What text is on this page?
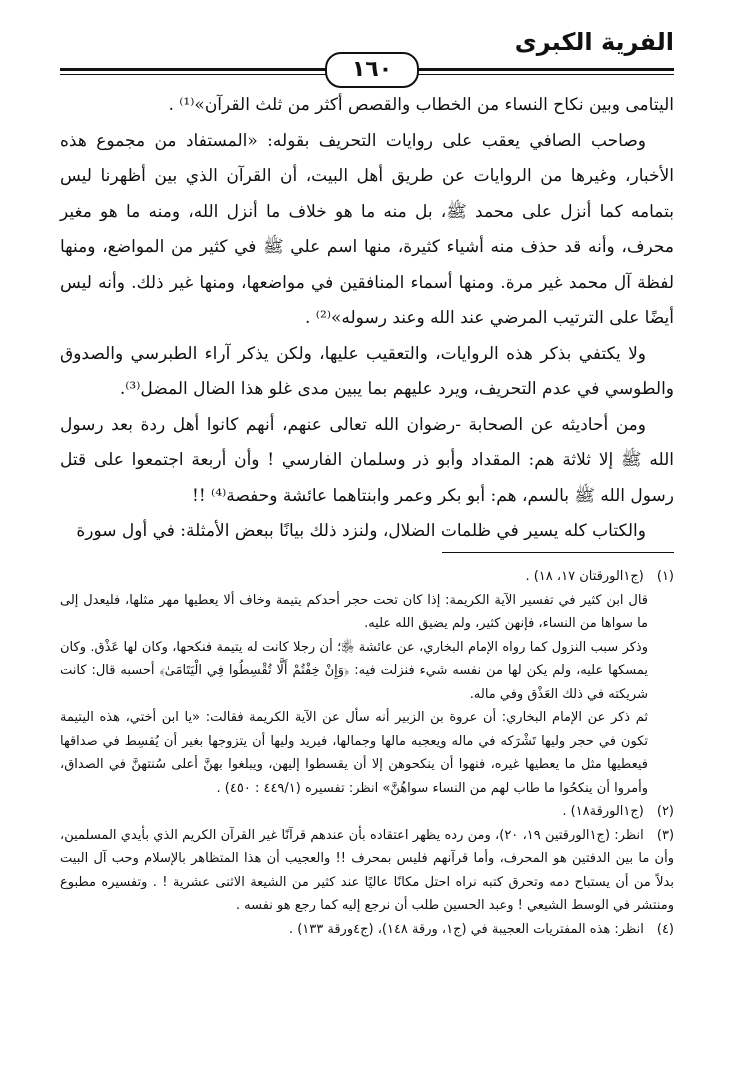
الفرية الكبرى
١٦٠

اليتامى وبين نكاح النساء من الخطاب والقصص أكثر من ثلث القرآن»⁽¹⁾ .

وصاحب الصافي يعقب على روايات التحريف بقوله: «المستفاد من مجموع هذه الأخبار، وغيرها من الروايات عن طريق أهل البيت، أن القرآن الذي بين أظهرنا ليس بتمامه كما أنزل على محمد ﷺ، بل منه ما هو خلاف ما أنزل الله، ومنه ما هو مغير محرف، وأنه قد حذف منه أشياء كثيرة، منها اسم علي ﷺ في كثير من المواضع، ومنها لفظة آل محمد غير مرة. ومنها أسماء المنافقين في مواضعها، ومنها غير ذلك. وأنه ليس أيضًا على الترتيب المرضي عند الله وعند رسوله»⁽²⁾ .

ولا يكتفي بذكر هذه الروايات، والتعقيب عليها، ولكن يذكر آراء الطبرسي والصدوق والطوسي في عدم التحريف، ويرد عليهم بما يبين مدى غلو هذا الضال المضل⁽³⁾.

ومن أحاديثه عن الصحابة -رضوان الله تعالى عنهم، أنهم كانوا أهل ردة بعد رسول الله ﷺ إلا ثلاثة هم: المقداد وأبو ذر وسلمان الفارسي ! وأن أربعة اجتمعوا على قتل رسول الله ﷺ بالسم، هم: أبو بكر وعمر وابنتاهما عائشة وحفصة⁽⁴⁾ !!

والكتاب كله يسير في ظلمات الضلال، ولنزد ذلك بيانًا ببعض الأمثلة: في أول سورة

(١) (ج١الورقتان ١٧، ١٨) .

قال ابن كثير في تفسير الآية الكريمة: إذا كان تحت حجر أحدكم يتيمة وخاف ألا يعطيها مهر مثلها، فليعدل إلى ما سواها من النساء، فإنهن كثير، ولم يضيق الله عليه.

وذكر سبب النزول كما رواه الإمام البخاري، عن عائشة ﵂؛ أن رجلا كانت له يتيمة فنكحها، وكان لها عَذْق. وكان يمسكها عليه، ولم يكن لها من نفسه شيء فنزلت فيه: ﴿وَإِنْ خِفْتُمْ أَلَّا تُقْسِطُوا فِي الْيَتَامَىٰ﴾ أحسبه قال: كانت شريكته في ذلك العَذْق وفي ماله.

ثم ذكر عن الإمام البخاري: أن عروة بن الزبير أنه سأل عن الآية الكريمة فقالت: «يا ابن أختي، هذه اليتيمة تكون في حجر وليها تَشْرَكه في ماله ويعجبه مالها وجمالها، فيريد وليها أن يتزوجها بغير أن يُقسِط في صداقها فيعطيها مثل ما يعطيها غيره، فنهوا أن ينكحوهن إلا أن يقسطوا إليهن، ويبلغوا بهنَّ أعلى سُنتهنَّ في الصداق، وأمروا أن ينكحُوا ما طاب لهم من النساء سواهُنَّ» انظر: تفسيره (٤٤٩/١ : ٤٥٠) .

(٢) (ج١الورقة١٨) .

(٣) انظر: (ج١الورقتين ١٩، ٢٠)، ومن رده يظهر اعتقاده بأن عندهم قرآنًا غير القرآن الكريم الذي بأيدي المسلمين، وأن ما بين الدفتين هو المحرف، وأما قرآنهم فليس بمحرف !! والعجيب أن هذا المتظاهر بالإسلام وحب آل البيت بدلاً من أن يستباح دمه وتحرق كتبه نراه احتل مكانًا عاليًا عند كثير من الشيعة الاثنى عشرية ! . وتفسيره مطبوع ومنتشر في الوسط الشيعي ! وعبد الحسين طلب أن نرجع إليه كما رجع هو نفسه .

(٤) انظر: هذه المفتريات العجيبة في (ج١، ورقة ١٤٨)، (ج٤ورقة ١٣٣) .
